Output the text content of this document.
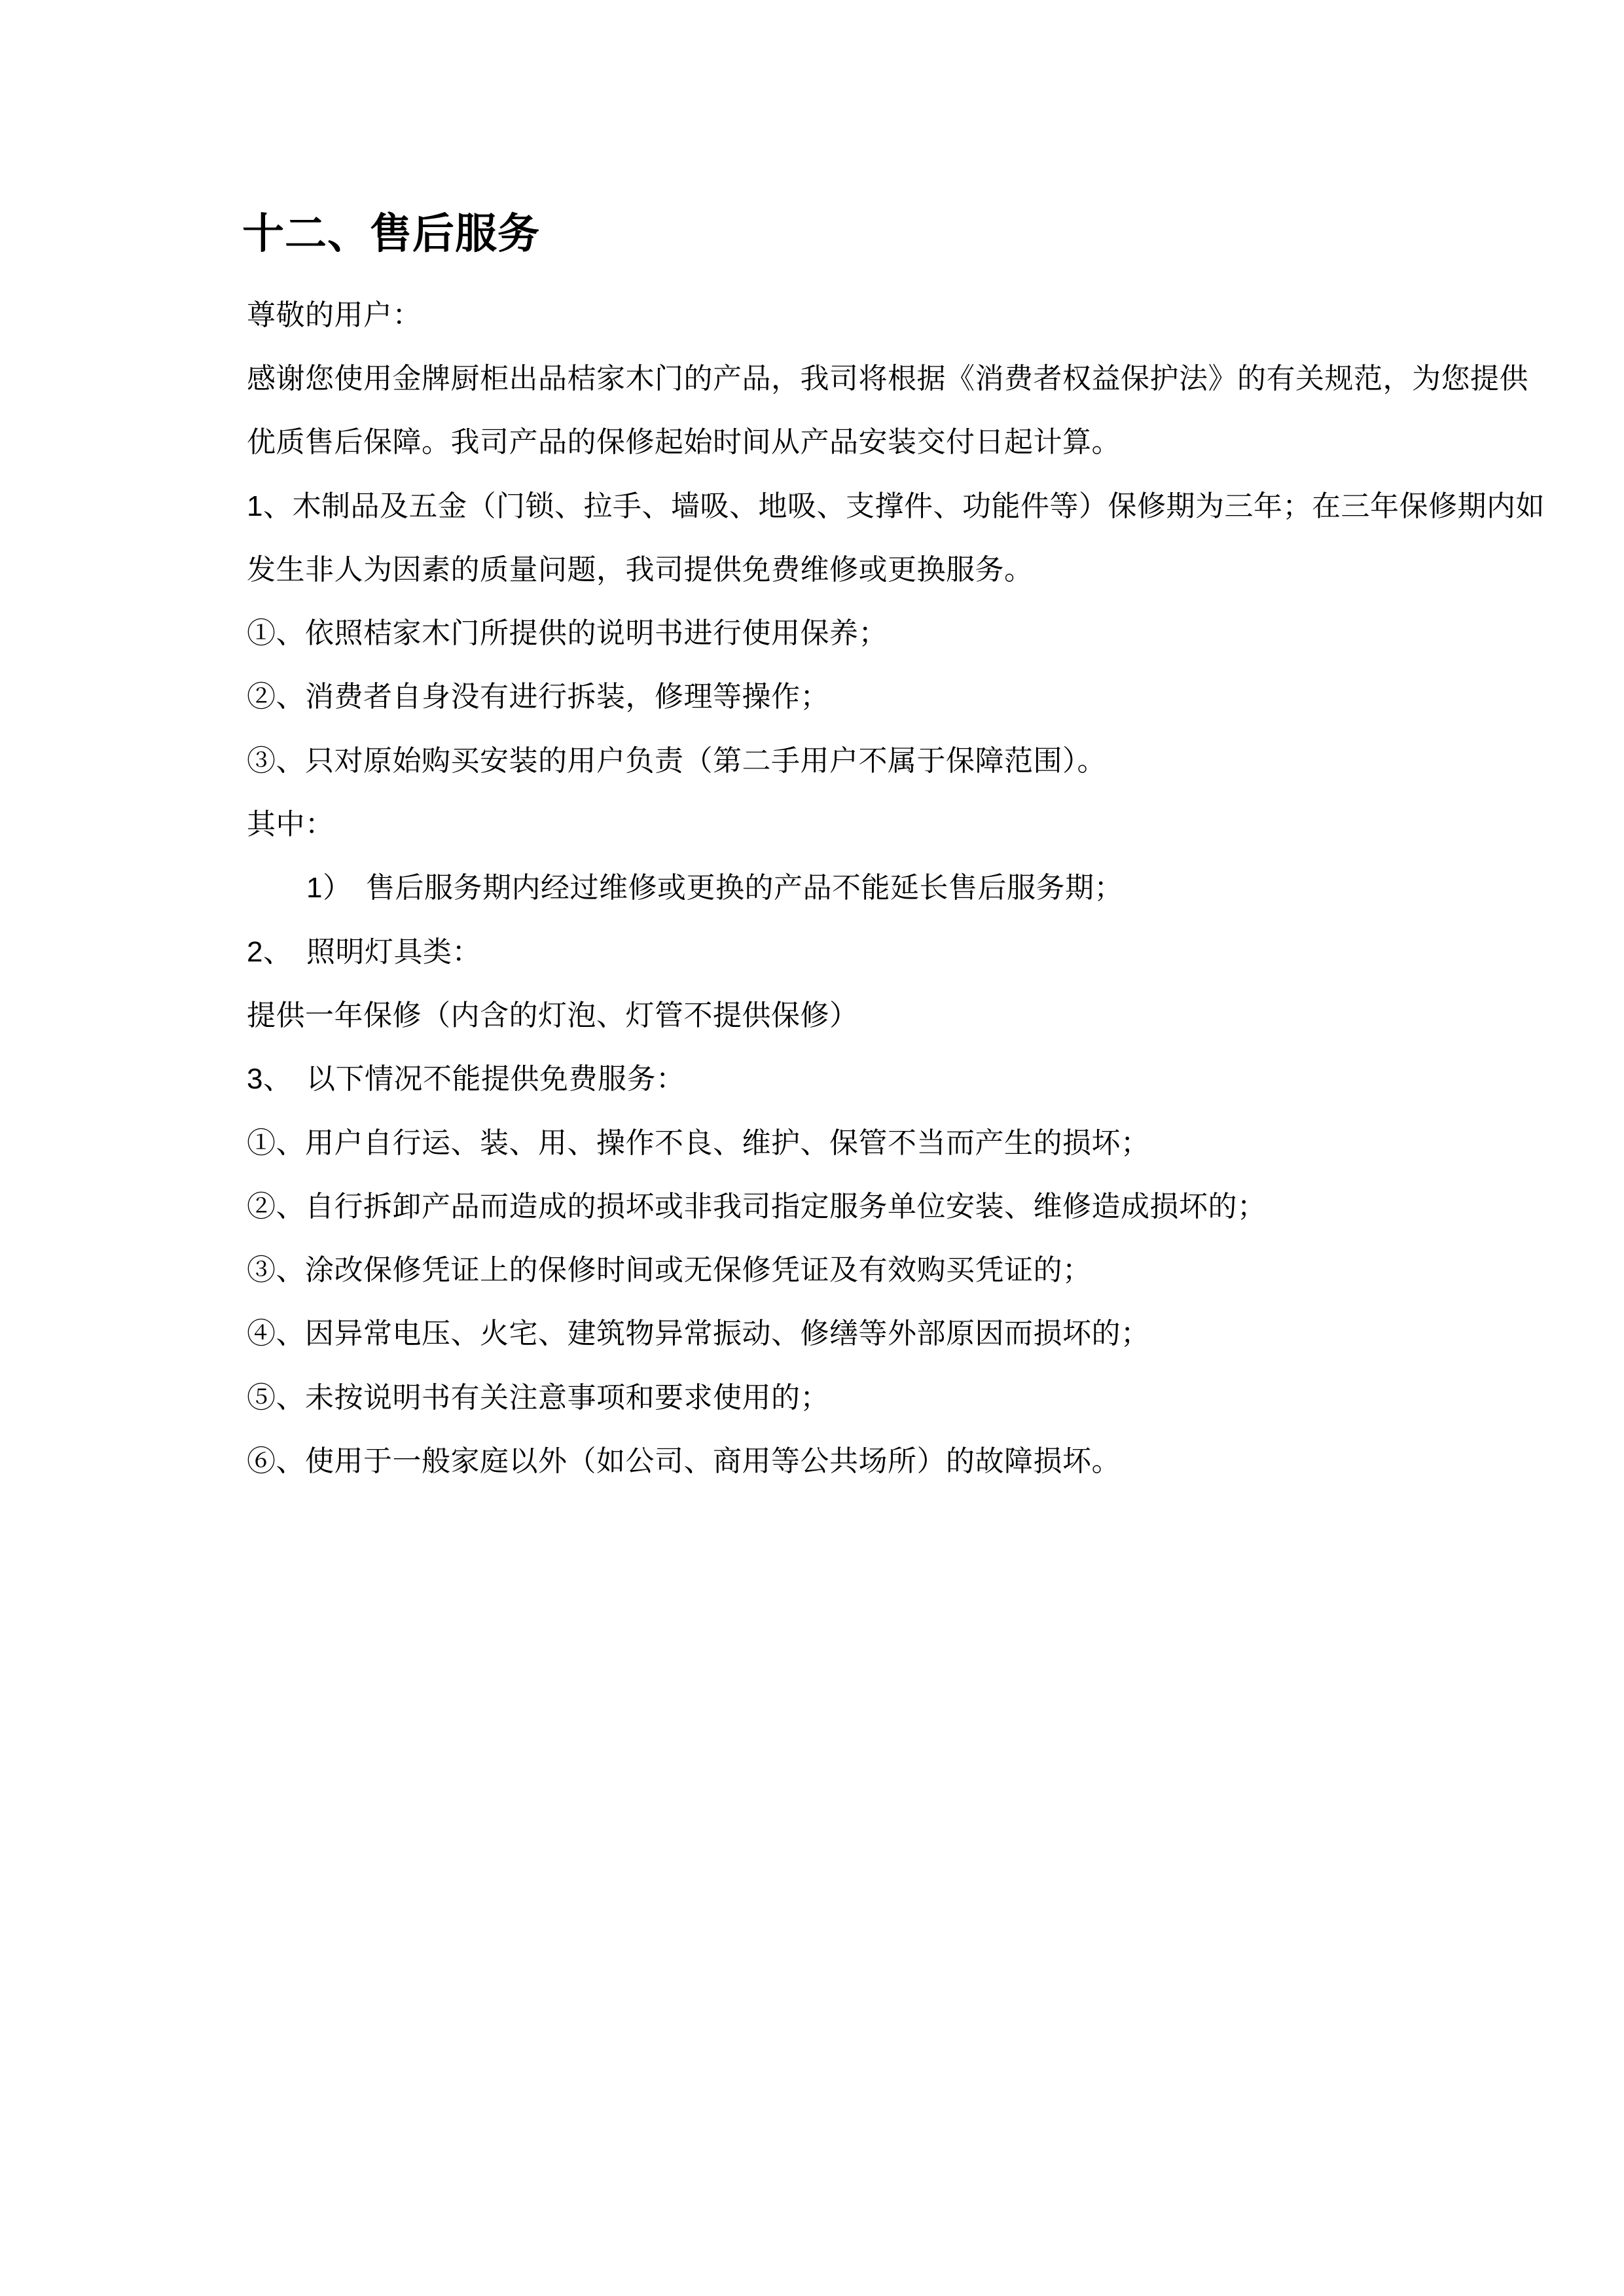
十二、售后服务
尊敬的用户：
感谢您使用金牌厨柜出品桔家木门的产品，我司将根据《消费者权益保护法》的有关规范，为您提供
优质售后保障。我司产品的保修起始时间从产品安装交付日起计算。
1、木制品及五金（门锁、拉手、墙吸、地吸、支撑件、功能件等）保修期为三年；在三年保修期内如
发生非人为因素的质量问题，我司提供免费维修或更换服务。
①、依照桔家木门所提供的说明书进行使用保养；
②、消费者自身没有进行拆装，修理等操作；
③、只对原始购买安装的用户负责（第二手用户不属于保障范围）。
其中：
1） 售后服务期内经过维修或更换的产品不能延长售后服务期；
2、 照明灯具类：
提供一年保修（内含的灯泡、灯管不提供保修）
3、 以下情况不能提供免费服务：
①、用户自行运、装、用、操作不良、维护、保管不当而产生的损坏；
②、自行拆卸产品而造成的损坏或非我司指定服务单位安装、维修造成损坏的；
③、涂改保修凭证上的保修时间或无保修凭证及有效购买凭证的；
④、因异常电压、火宅、建筑物异常振动、修缮等外部原因而损坏的；
⑤、未按说明书有关注意事项和要求使用的；
⑥、使用于一般家庭以外（如公司、商用等公共场所）的故障损坏。
